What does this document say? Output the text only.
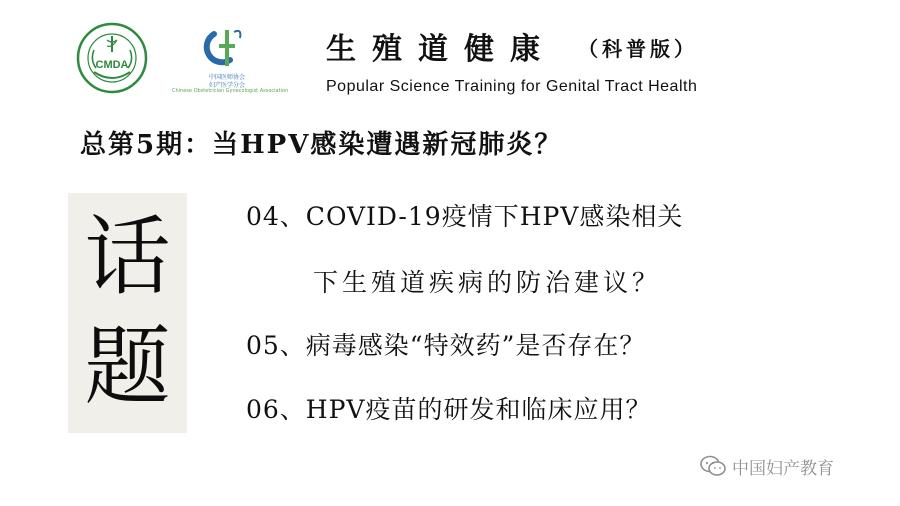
CMDA
中国医师协会
妇产医学分会
Chinese Obstetrician Gynecologist Association
生殖道健康 （科普版）
Popular Science Training for Genital Tract Health
总第5期：当HPV感染遭遇新冠肺炎？
话
题
04、COVID-19疫情下HPV感染相关
下生殖道疾病的防治建议？
05、病毒感染“特效药”是否存在？
06、HPV疫苗的研发和临床应用？
中国妇产教育
